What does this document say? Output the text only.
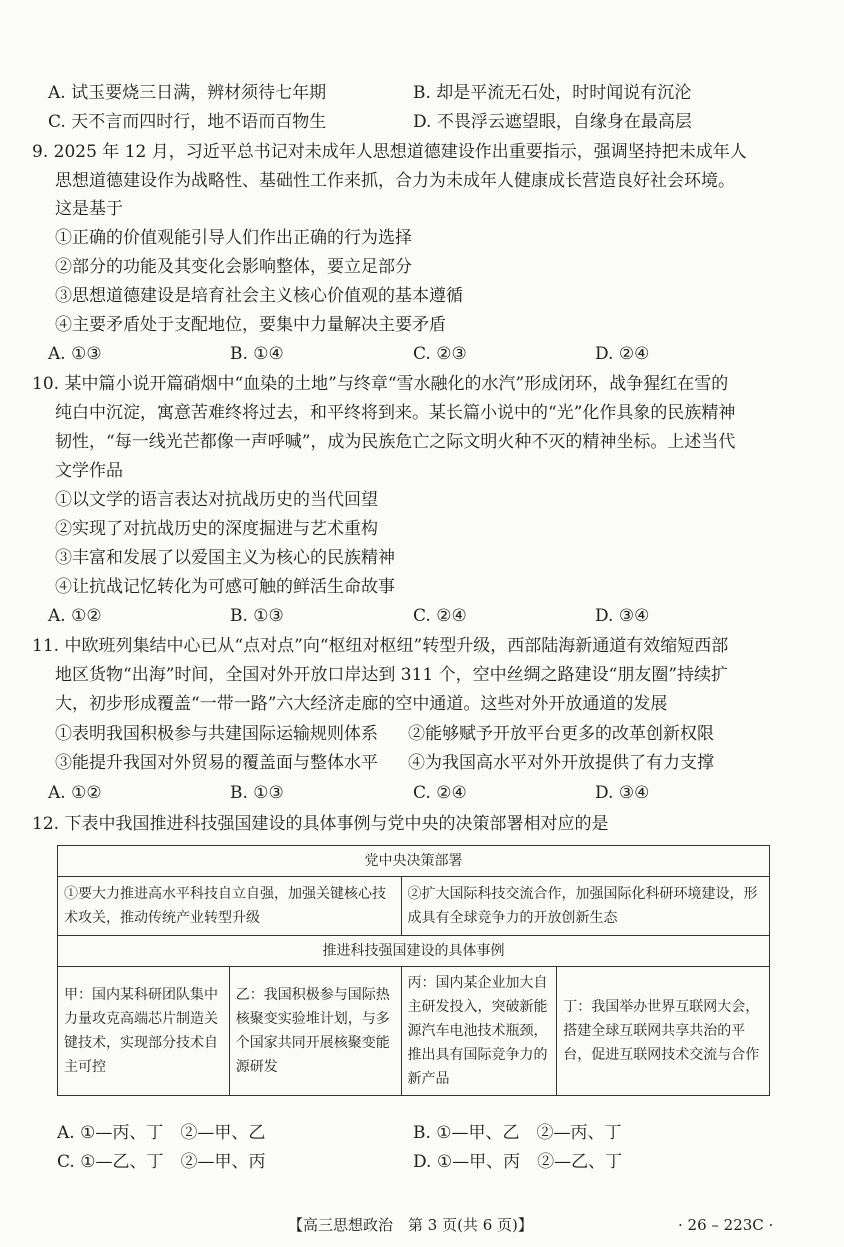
A. 试玉要烧三日满，辨材须待七年期	B. 却是平流无石处，时时闻说有沉沦
C. 天不言而四时行，地不语而百物生	D. 不畏浮云遮望眼，自缘身在最高层
9. 2025 年 12 月，习近平总书记对未成年人思想道德建设作出重要指示，强调坚持把未成年人
思想道德建设作为战略性、基础性工作来抓，合力为未成年人健康成长营造良好社会环境。
这是基于
①正确的价值观能引导人们作出正确的行为选择
②部分的功能及其变化会影响整体，要立足部分
③思想道德建设是培育社会主义核心价值观的基本遵循
④主要矛盾处于支配地位，要集中力量解决主要矛盾
A. ①③	B. ①④	C. ②③	D. ②④
10. 某中篇小说开篇硝烟中“血染的土地”与终章“雪水融化的水汽”形成闭环，战争猩红在雪的
纯白中沉淀，寓意苦难终将过去，和平终将到来。某长篇小说中的“光”化作具象的民族精神
韧性，“每一线光芒都像一声呼喊”，成为民族危亡之际文明火种不灭的精神坐标。上述当代
文学作品
①以文学的语言表达对抗战历史的当代回望
②实现了对抗战历史的深度掘进与艺术重构
③丰富和发展了以爱国主义为核心的民族精神
④让抗战记忆转化为可感可触的鲜活生命故事
A. ①②	B. ①③	C. ②④	D. ③④
11. 中欧班列集结中心已从“点对点”向“枢纽对枢纽”转型升级，西部陆海新通道有效缩短西部
地区货物“出海”时间，全国对外开放口岸达到 311 个，空中丝绸之路建设“朋友圈”持续扩
大，初步形成覆盖“一带一路”六大经济走廊的空中通道。这些对外开放通道的发展
①表明我国积极参与共建国际运输规则体系 ②能够赋予开放平台更多的改革创新权限
③能提升我国对外贸易的覆盖面与整体水平 ④为我国高水平对外开放提供了有力支撑
A. ①②	B. ①③	C. ②④	D. ③④
12. 下表中我国推进科技强国建设的具体事例与党中央的决策部署相对应的是
党中央决策部署			
①要大力推进高水平科技自立自强，加强关键核心技术攻关，推动传统产业转型升级		②扩大国际科技交流合作，加强国际化科研环境建设，形成具有全球竞争力的开放创新生态	
推进科技强国建设的具体事例			
甲：国内某科研团队集中力量攻克高端芯片制造关键技术，实现部分技术自主可控	乙：我国积极参与国际热核聚变实验堆计划，与多个国家共同开展核聚变能源研发	丙：国内某企业加大自主研发投入，突破新能源汽车电池技术瓶颈，推出具有国际竞争力的新产品	丁：我国举办世界互联网大会，搭建全球互联网共享共治的平台，促进互联网技术交流与合作
A. ①—丙、丁　②—甲、乙	B. ①—甲、乙　②—丙、丁
C. ①—乙、丁　②—甲、丙	D. ①—甲、丙　②—乙、丁
【高三思想政治　第 3 页(共 6 页)】	· 26 – 223C ·
